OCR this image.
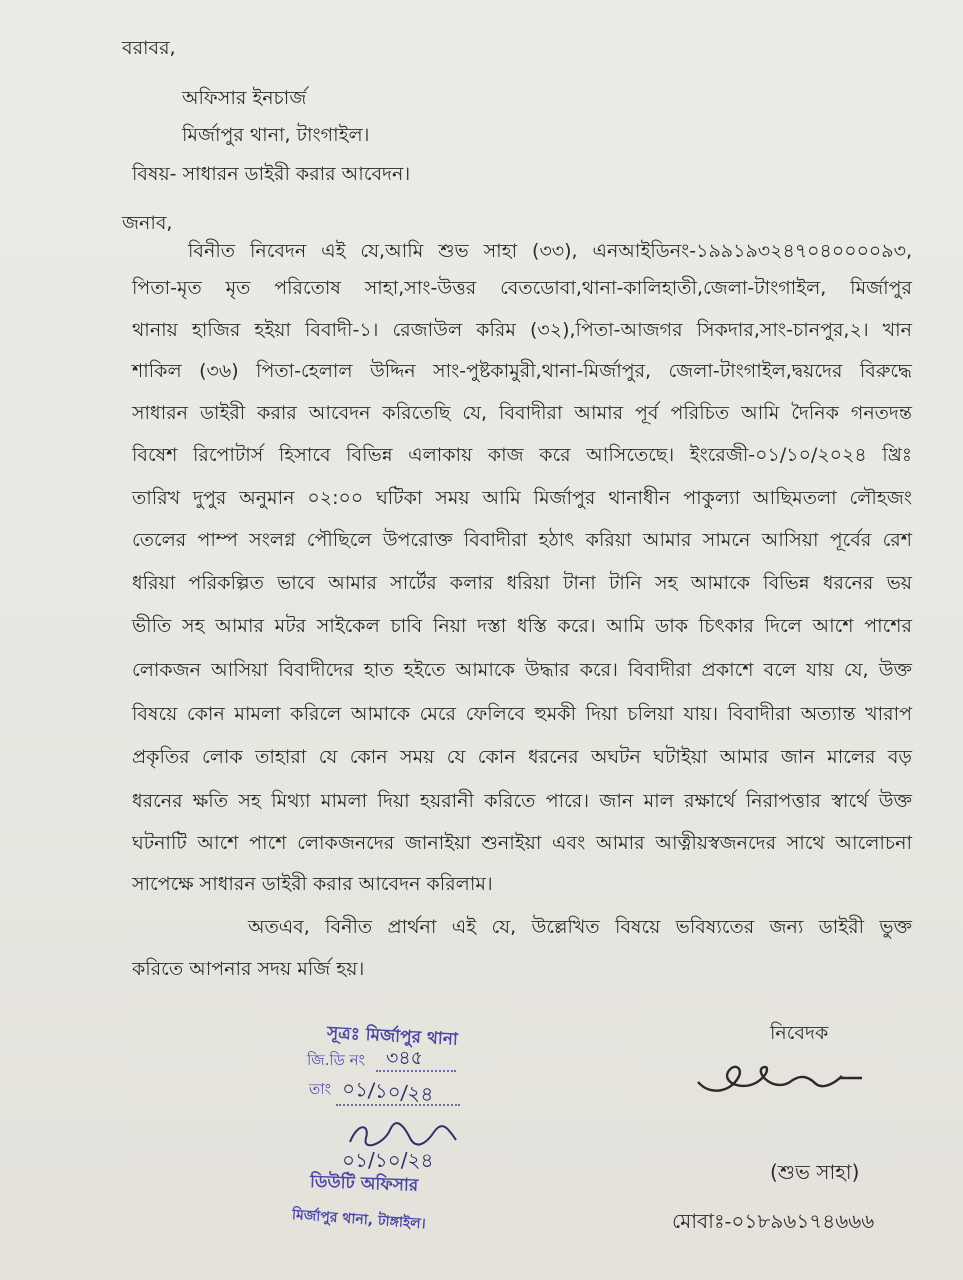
বরাবর,
অফিসার ইনচার্জ
মির্জাপুর থানা, টাংগাইল।
বিষয়- সাধারন ডাইরী করার আবেদন।
জনাব,
বিনীত নিবেদন এই যে,আমি শুভ সাহা (৩৩), এনআইডিনং-১৯৯১৯৩২৪৭০৪০০০০৯৩,
পিতা-মৃত মৃত পরিতোষ সাহা,সাং-উত্তর বেতডোবা,থানা-কালিহাতী,জেলা-টাংগাইল, মির্জাপুর
থানায় হাজির হইয়া বিবাদী-১। রেজাউল করিম (৩২),পিতা-আজগর সিকদার,সাং-চানপুর,২। খান
শাকিল (৩৬) পিতা-হেলাল উদ্দিন সাং-পুষ্টকামুরী,থানা-মির্জাপুর, জেলা-টাংগাইল,দ্বয়দের বিরুদ্ধে
সাধারন ডাইরী করার আবেদন করিতেছি যে, বিবাদীরা আমার পূর্ব পরিচিত আমি দৈনিক গনতদন্ত
বিষেশ রিপোটার্স হিসাবে বিভিন্ন এলাকায় কাজ করে আসিতেছে। ইংরেজী-০১/১০/২০২৪ খ্রিঃ
তারিখ দুপুর অনুমান ০২:০০ ঘটিকা সময় আমি মির্জাপুর থানাধীন পাকুল্যা আছিমতলা লৌহজং
তেলের পাম্প সংলগ্ন পৌছিলে উপরোক্ত বিবাদীরা হঠাৎ করিয়া আমার সামনে আসিয়া পূর্বের রেশ
ধরিয়া পরিকল্পিত ভাবে আমার সার্টের কলার ধরিয়া টানা টানি সহ আমাকে বিভিন্ন ধরনের ভয়
ভীতি সহ আমার মটর সাইকেল চাবি নিয়া দস্তা ধস্তি করে। আমি ডাক চিৎকার দিলে আশে পাশের
লোকজন আসিয়া বিবাদীদের হাত হইতে আমাকে উদ্ধার করে। বিবাদীরা প্রকাশে বলে যায় যে, উক্ত
বিষয়ে কোন মামলা করিলে আমাকে মেরে ফেলিবে হুমকী দিয়া চলিয়া যায়। বিবাদীরা অত্যান্ত খারাপ
প্রকৃতির লোক তাহারা যে কোন সময় যে কোন ধরনের অঘটন ঘটাইয়া আমার জান মালের বড়
ধরনের ক্ষতি সহ মিথ্যা মামলা দিয়া হয়রানী করিতে পারে। জান মাল রক্ষার্থে নিরাপত্তার স্বার্থে উক্ত
ঘটনাটি আশে পাশে লোকজনদের জানাইয়া শুনাইয়া এবং আমার আত্নীয়স্বজনদের সাথে আলোচনা
সাপেক্ষে সাধারন ডাইরী করার আবেদন করিলাম।
অতএব, বিনীত প্রার্থনা এই যে, উল্লেখিত বিষয়ে ভবিষ্যতের জন্য ডাইরী ভুক্ত
করিতে আপনার সদয় মর্জি হয়।
সূত্রঃ মির্জাপুর থানা
জি.ডি নং ৩৪৫
তাং ০১/১০/২৪
০১/১০/২৪
ডিউটি অফিসার
মির্জাপুর থানা, টাঙ্গাইল।
নিবেদক
(শুভ সাহা)
মোবাঃ-০১৮৯৬১৭৪৬৬৬
